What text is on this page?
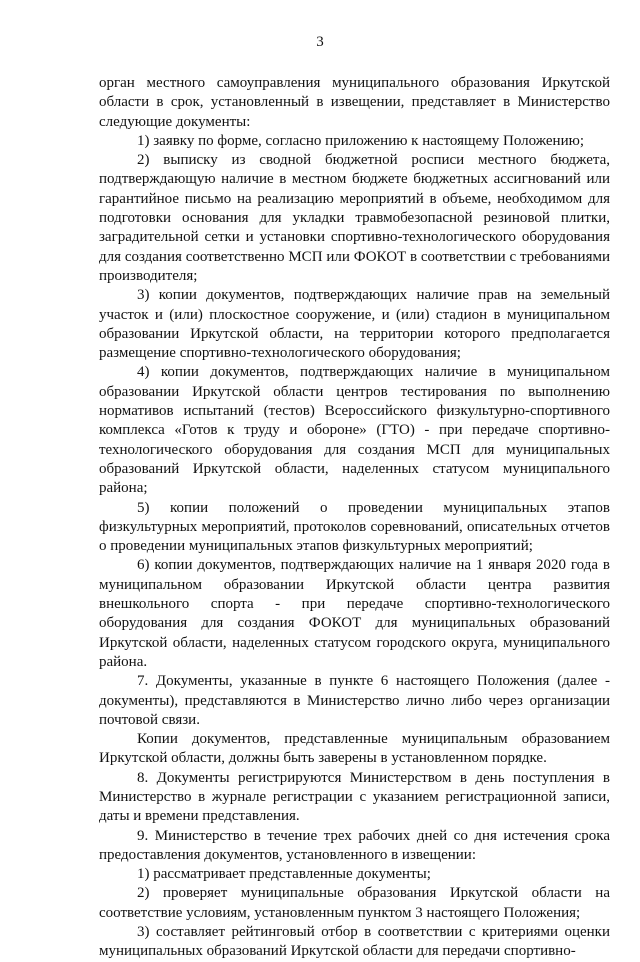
3

орган местного самоуправления муниципального образования Иркутской области в срок, установленный в извещении, представляет в Министерство следующие документы:

1) заявку по форме, согласно приложению к настоящему Положению;

2) выписку из сводной бюджетной росписи местного бюджета, подтверждающую наличие в местном бюджете бюджетных ассигнований или гарантийное письмо на реализацию мероприятий в объеме, необходимом для подготовки основания для укладки травмобезопасной резиновой плитки, заградительной сетки и установки спортивно-технологического оборудования для создания соответственно МСП или ФОКОТ в соответствии с требованиями производителя;

3) копии документов, подтверждающих наличие прав на земельный участок и (или) плоскостное сооружение, и (или) стадион в муниципальном образовании Иркутской области, на территории которого предполагается размещение спортивно-технологического оборудования;

4) копии документов, подтверждающих наличие в муниципальном образовании Иркутской области центров тестирования по выполнению нормативов испытаний (тестов) Всероссийского физкультурно-спортивного комплекса «Готов к труду и обороне» (ГТО) - при передаче спортивно-технологического оборудования для создания МСП для муниципальных образований Иркутской области, наделенных статусом муниципального района;

5) копии положений о проведении муниципальных этапов физкультурных мероприятий, протоколов соревнований, описательных отчетов о проведении муниципальных этапов физкультурных мероприятий;

6) копии документов, подтверждающих наличие на 1 января 2020 года в муниципальном образовании Иркутской области центра развития внешкольного спорта - при передаче спортивно-технологического оборудования для создания ФОКОТ для муниципальных образований Иркутской области, наделенных статусом городского округа, муниципального района.

7. Документы, указанные в пункте 6 настоящего Положения (далее - документы), представляются в Министерство лично либо через организации почтовой связи.

Копии документов, представленные муниципальным образованием Иркутской области, должны быть заверены в установленном порядке.

8. Документы регистрируются Министерством в день поступления в Министерство в журнале регистрации с указанием регистрационной записи, даты и времени представления.

9. Министерство в течение трех рабочих дней со дня истечения срока предоставления документов, установленного в извещении:

1) рассматривает представленные документы;

2) проверяет муниципальные образования Иркутской области на соответствие условиям, установленным пунктом 3 настоящего Положения;

3) составляет рейтинговый отбор в соответствии с критериями оценки муниципальных образований Иркутской области для передачи спортивно-
